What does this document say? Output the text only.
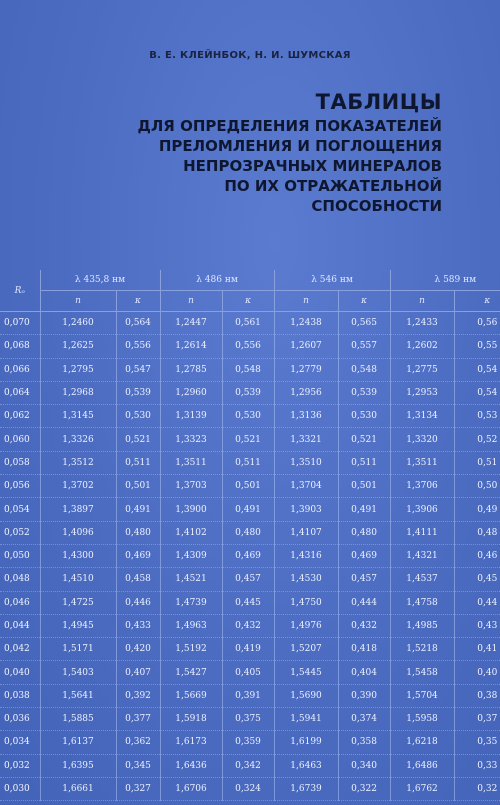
В. Е. КЛЕЙНБОК, Н. И. ШУМСКАЯ
ТАБЛИЦЫ
ДЛЯ ОПРЕДЕЛЕНИЯ ПОКАЗАТЕЛЕЙ
ПРЕЛОМЛЕНИЯ И ПОГЛОЩЕНИЯ
НЕПРОЗРАЧНЫХ МИНЕРАЛОВ
ПО ИХ ОТРАЖАТЕЛЬНОЙ
СПОСОБНОСТИ
Rₒ	λ 435,8 нм		λ 486 нм		λ 546 нм		λ 589 нм	
	n	κ	n	κ	n	κ	n	κ
0,070	1,2460	0,564	1,2447	0,561	1,2438	0,565	1,2433	0,56
0,068	1,2625	0,556	1,2614	0,556	1,2607	0,557	1,2602	0,55
0,066	1,2795	0,547	1,2785	0,548	1,2779	0,548	1,2775	0,54
0,064	1,2968	0,539	1,2960	0,539	1,2956	0,539	1,2953	0,54
0,062	1,3145	0,530	1,3139	0,530	1,3136	0,530	1,3134	0,53
0,060	1,3326	0,521	1,3323	0,521	1,3321	0,521	1,3320	0,52
0,058	1,3512	0,511	1,3511	0,511	1,3510	0,511	1,3511	0,51
0,056	1,3702	0,501	1,3703	0,501	1,3704	0,501	1,3706	0,50
0,054	1,3897	0,491	1,3900	0,491	1,3903	0,491	1,3906	0,49
0,052	1,4096	0,480	1,4102	0,480	1,4107	0,480	1,4111	0,48
0,050	1,4300	0,469	1,4309	0,469	1,4316	0,469	1,4321	0,46
0,048	1,4510	0,458	1,4521	0,457	1,4530	0,457	1,4537	0,45
0,046	1,4725	0,446	1,4739	0,445	1,4750	0,444	1,4758	0,44
0,044	1,4945	0,433	1,4963	0,432	1,4976	0,432	1,4985	0,43
0,042	1,5171	0,420	1,5192	0,419	1,5207	0,418	1,5218	0,41
0,040	1,5403	0,407	1,5427	0,405	1,5445	0,404	1,5458	0,40
0,038	1,5641	0,392	1,5669	0,391	1,5690	0,390	1,5704	0,38
0,036	1,5885	0,377	1,5918	0,375	1,5941	0,374	1,5958	0,37
0,034	1,6137	0,362	1,6173	0,359	1,6199	0,358	1,6218	0,35
0,032	1,6395	0,345	1,6436	0,342	1,6463	0,340	1,6486	0,33
0,030	1,6661	0,327	1,6706	0,324	1,6739	0,322	1,6762	0,32
